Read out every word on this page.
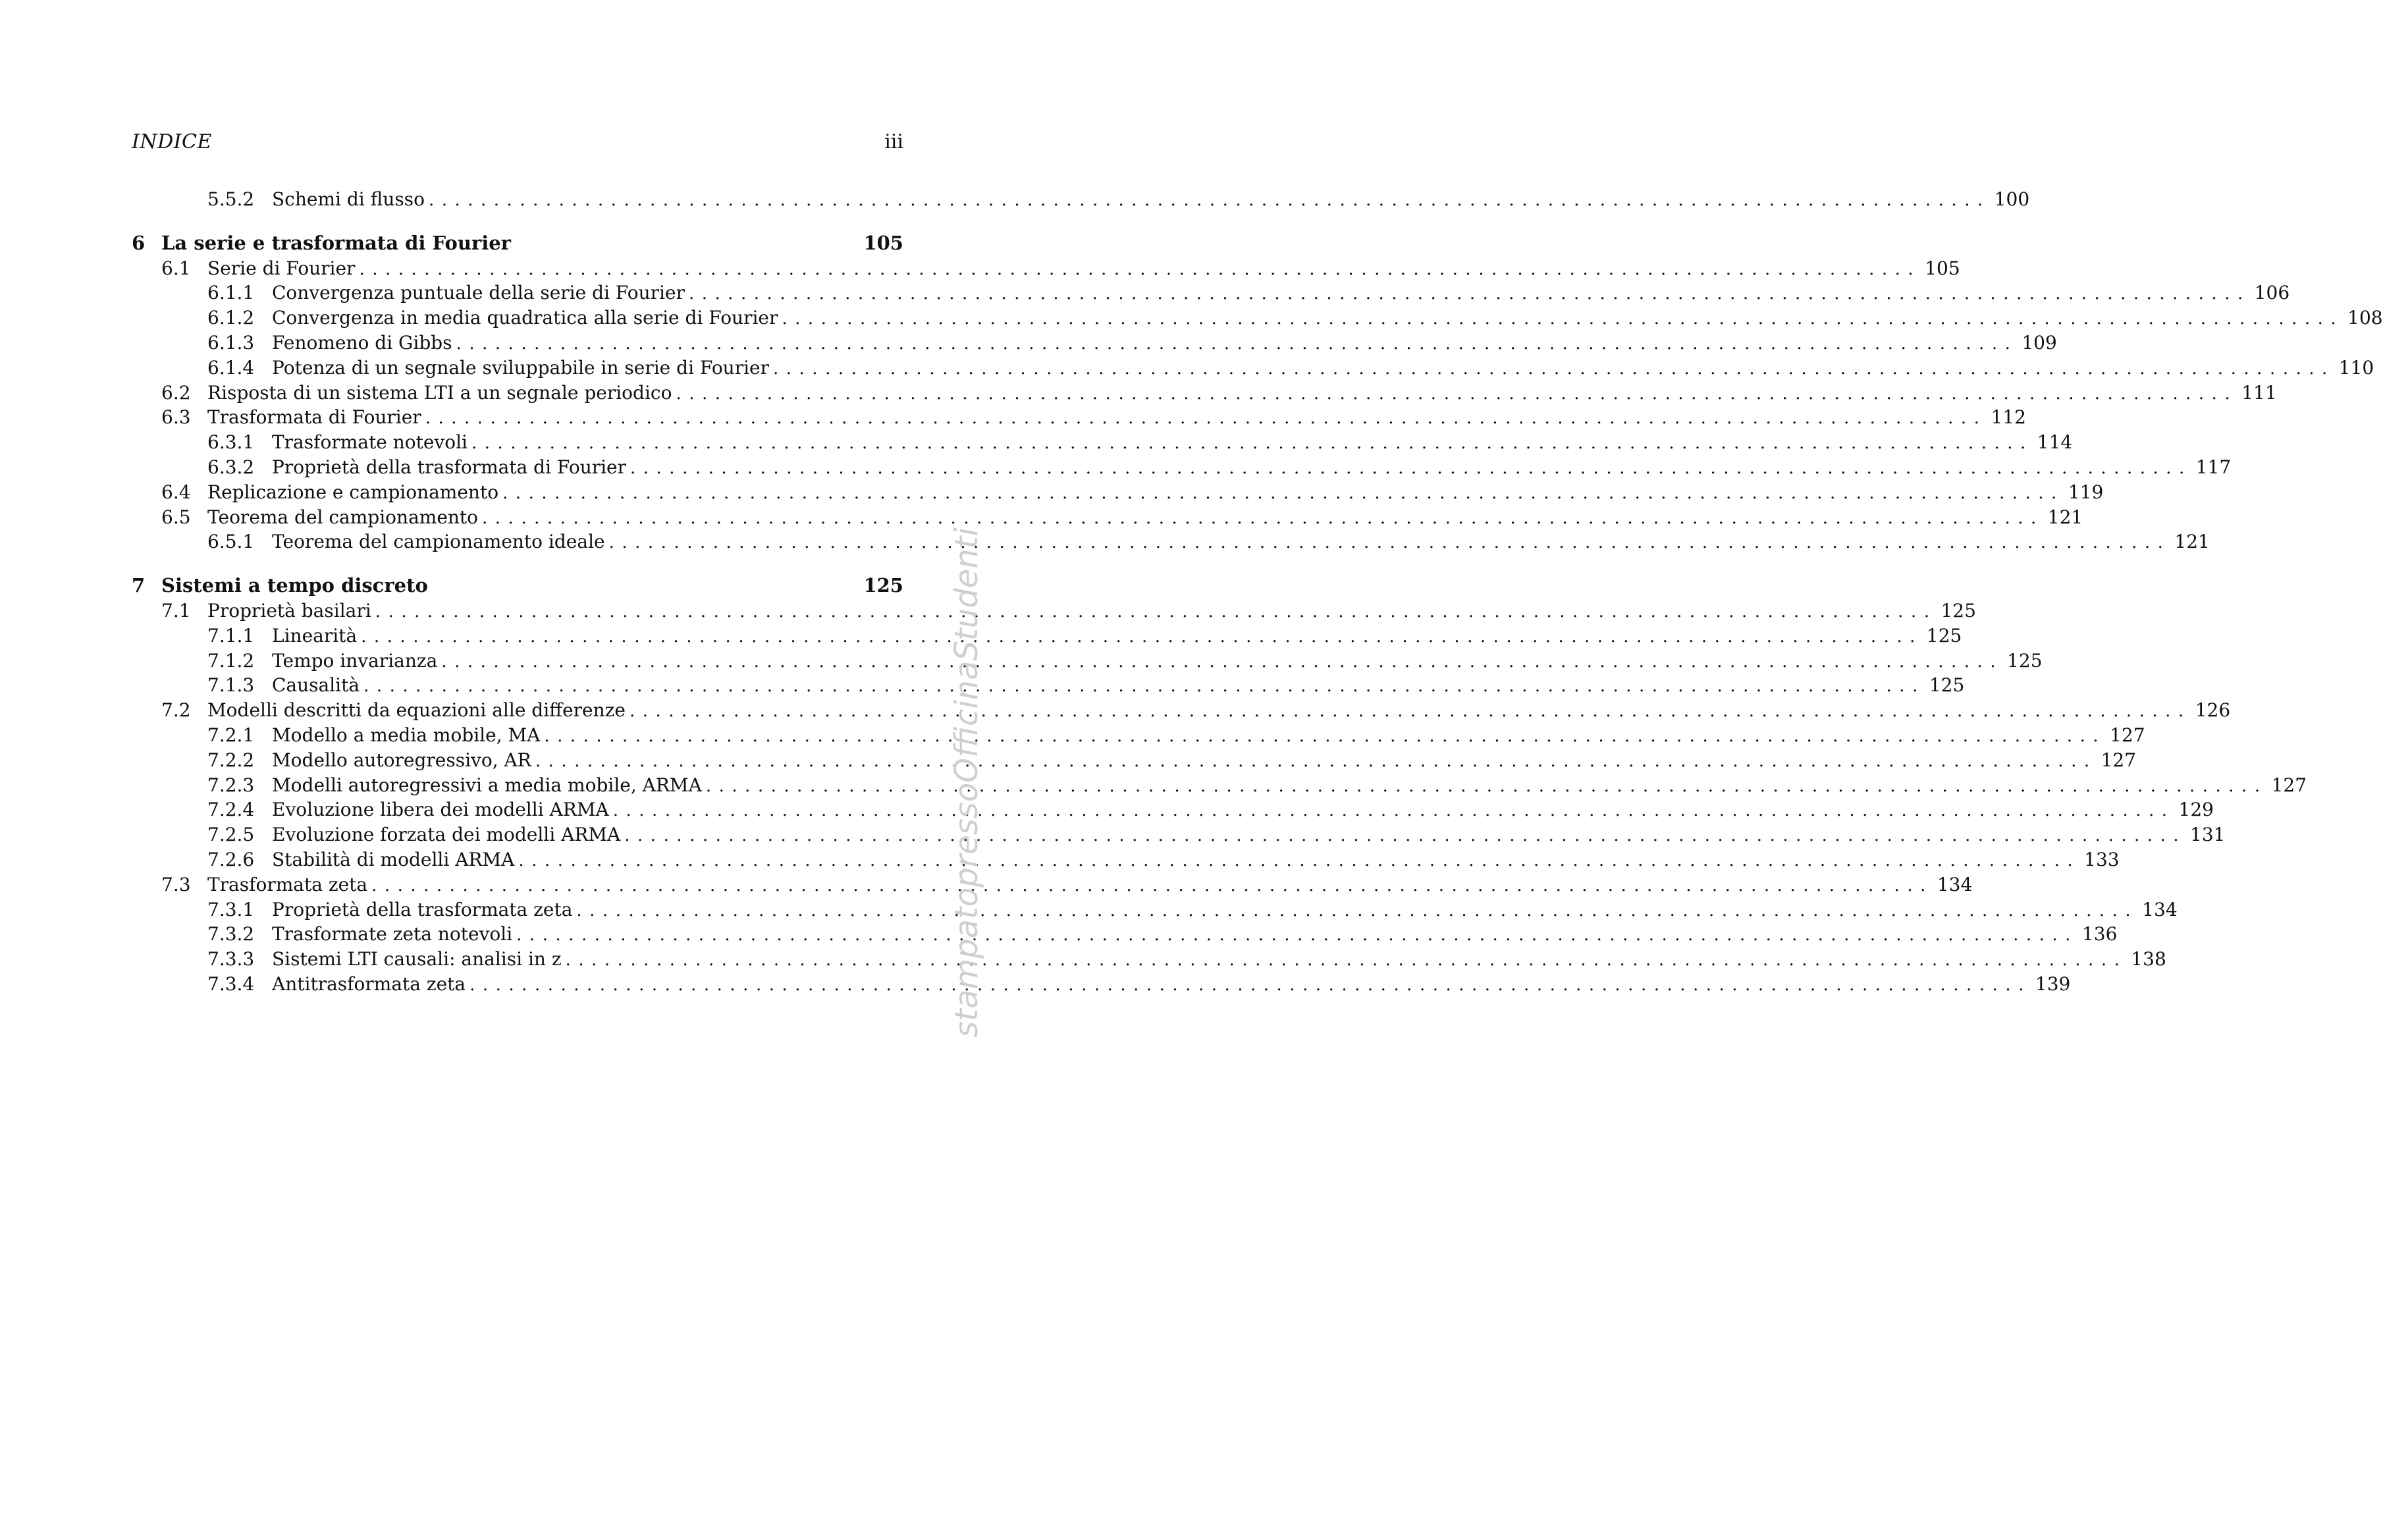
INDICE	iii
5.5.2 Schemi di flusso ........................................................................................................................ 100
6 La serie e trasformata di Fourier	105
6.1 Serie di Fourier ........................................................................................................................ 105
6.1.1 Convergenza puntuale della serie di Fourier ........................................................................................................................ 106
6.1.2 Convergenza in media quadratica alla serie di Fourier ........................................................................................................................ 108
6.1.3 Fenomeno di Gibbs ........................................................................................................................ 109
6.1.4 Potenza di un segnale sviluppabile in serie di Fourier ........................................................................................................................ 110
6.2 Risposta di un sistema LTI a un segnale periodico ........................................................................................................................ 111
6.3 Trasformata di Fourier ........................................................................................................................ 112
6.3.1 Trasformate notevoli ........................................................................................................................ 114
6.3.2 Proprietà della trasformata di Fourier ........................................................................................................................ 117
6.4 Replicazione e campionamento ........................................................................................................................ 119
6.5 Teorema del campionamento ........................................................................................................................ 121
6.5.1 Teorema del campionamento ideale ........................................................................................................................ 121
7 Sistemi a tempo discreto	125
7.1 Proprietà basilari ........................................................................................................................ 125
7.1.1 Linearità ........................................................................................................................ 125
7.1.2 Tempo invarianza ........................................................................................................................ 125
7.1.3 Causalità ........................................................................................................................ 125
7.2 Modelli descritti da equazioni alle differenze ........................................................................................................................ 126
7.2.1 Modello a media mobile, MA ........................................................................................................................ 127
7.2.2 Modello autoregressivo, AR ........................................................................................................................ 127
7.2.3 Modelli autoregressivi a media mobile, ARMA ........................................................................................................................ 127
7.2.4 Evoluzione libera dei modelli ARMA ........................................................................................................................ 129
7.2.5 Evoluzione forzata dei modelli ARMA ........................................................................................................................ 131
7.2.6 Stabilità di modelli ARMA ........................................................................................................................ 133
7.3 Trasformata zeta ........................................................................................................................ 134
7.3.1 Proprietà della trasformata zeta ........................................................................................................................ 134
7.3.2 Trasformate zeta notevoli ........................................................................................................................ 136
7.3.3 Sistemi LTI causali: analisi in z ........................................................................................................................ 138
7.3.4 Antitrasformata zeta ........................................................................................................................ 139
stampatopressoOfficinaStudenti
